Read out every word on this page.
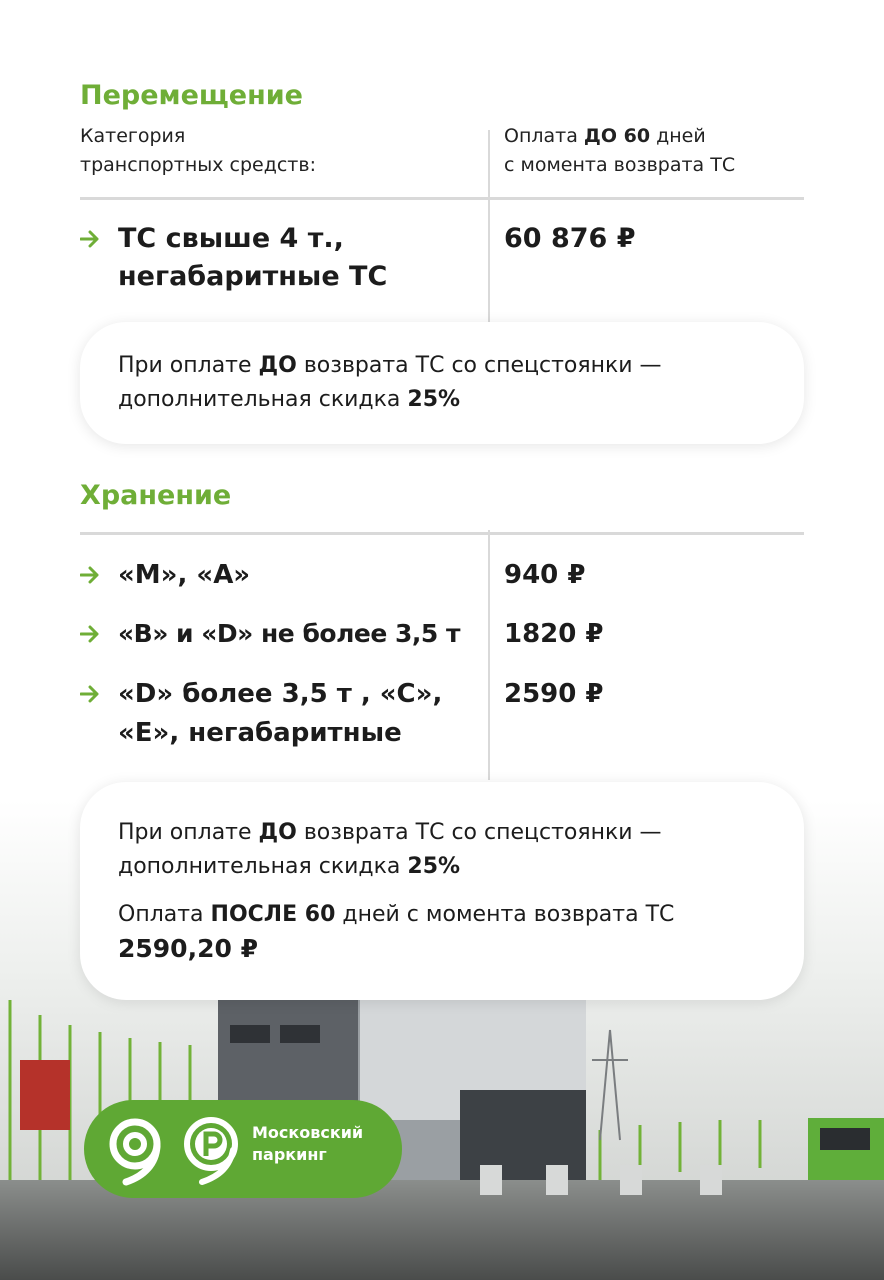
Перемещение
Категория
транспортных средств:
Оплата ДО 60 дней
с момента возврата ТС
ТС свыше 4 т.,
негабаритные ТС
60 876 ₽
При оплате ДО возврата ТС со спецстоянки —
дополнительная скидка 25%
Хранение
«M», «A»	940 ₽
«B» и «D» не более 3,5 т 1820 ₽
«D» более 3,5 т , «C»,
«E», негабаритные
2590 ₽
При оплате ДО возврата ТС со спецстоянки —
дополнительная скидка 25%
Оплата ПОСЛЕ 60 дней с момента возврата ТС
2590,20 ₽
Московский
паркинг
